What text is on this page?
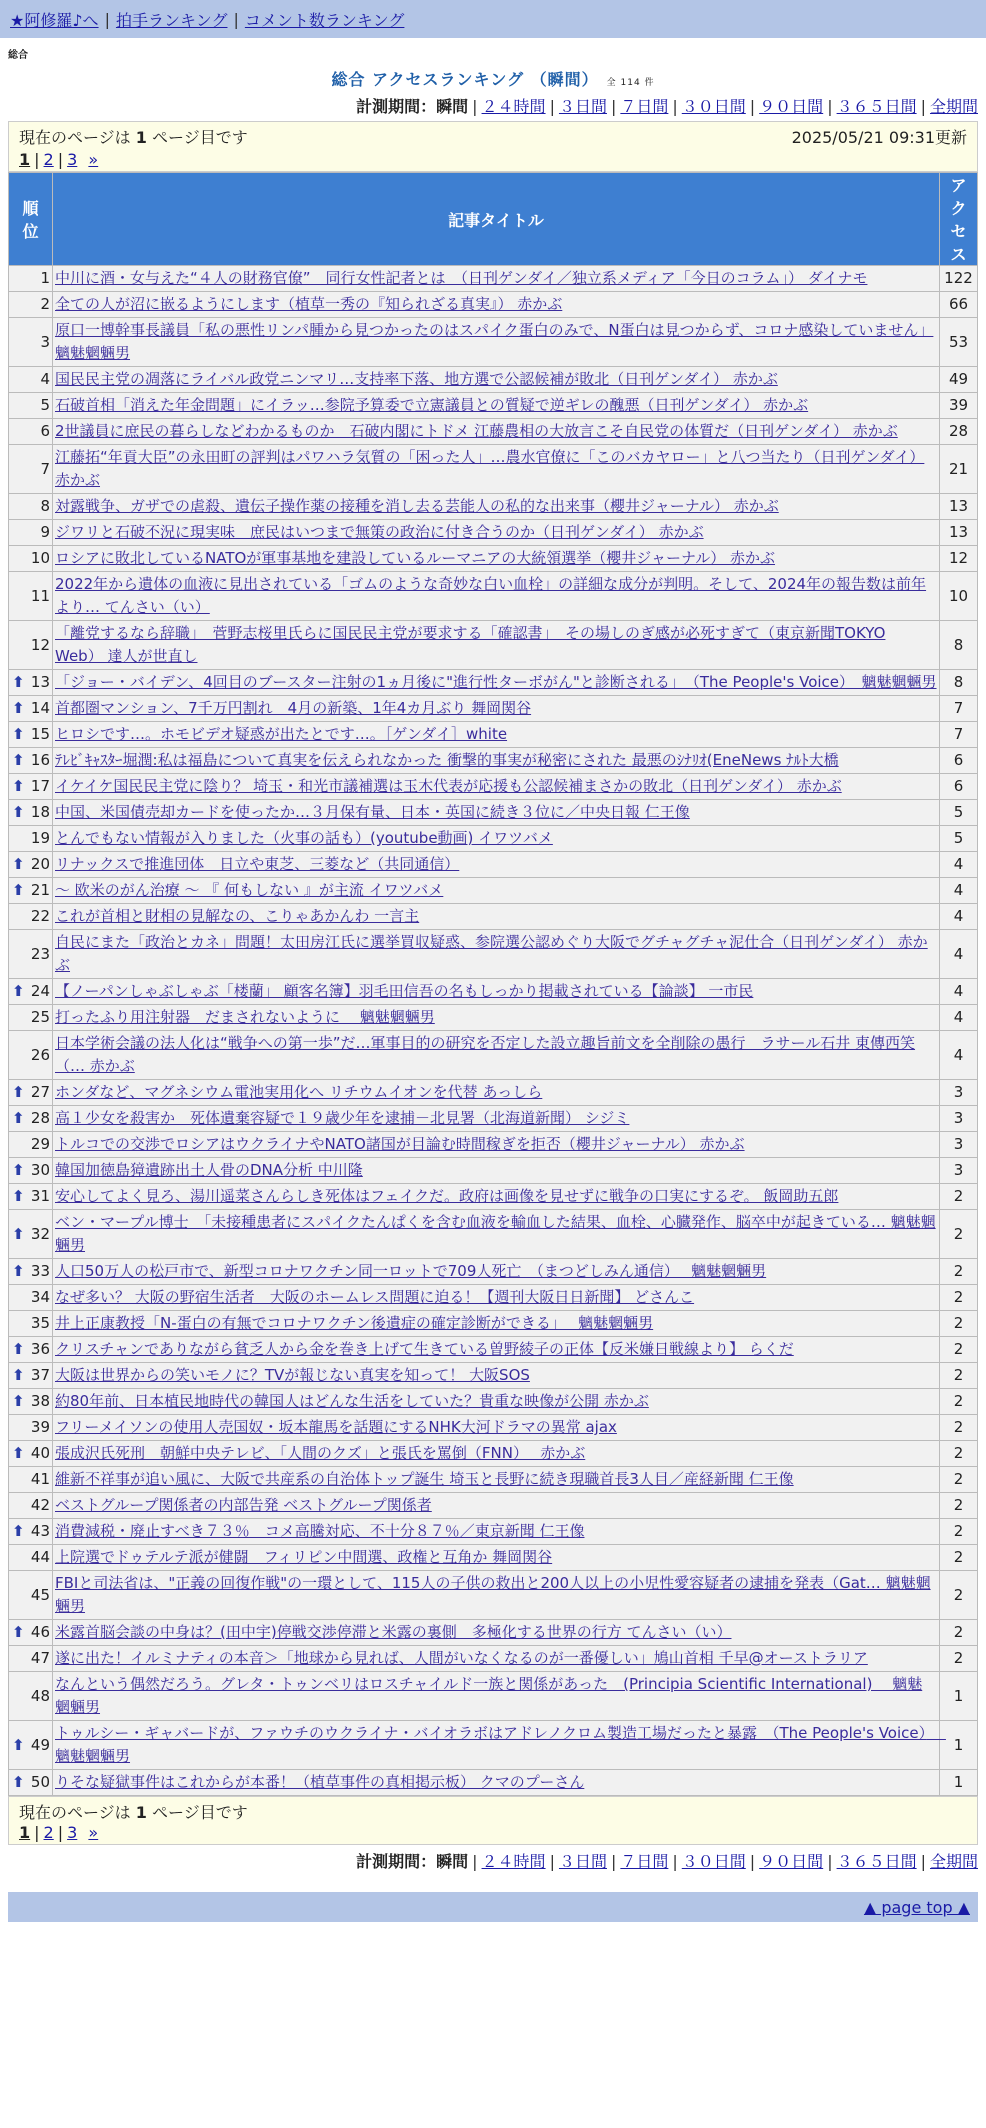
★阿修羅♪へ | 拍手ランキング | コメント数ランキング
総合
総合 アクセスランキング （瞬間） 全 114 件
計測期間：瞬間 | ２４時間 | ３日間 | ７日間 | ３０日間 | ９０日間 | ３６５日間 | 全期間
現在のページは 1 ページ目です	2025/05/21 09:31更新
1 | 2 | 3 »
順位	記事タイトル	アクセス
1	中川に酒・女与えた“４人の財務官僚”　同行女性記者とは　（日刊ゲンダイ／独立系メディア「今日のコラム」） ダイナモ	122
2	全ての人が沼に嵌るようにします（植草一秀の『知られざる真実』） 赤かぶ	66
3	原口一博幹事長議員「私の悪性リンパ腫から見つかったのはスパイク蛋白のみで、N蛋白は見つからず、コロナ感染していません」 魑魅魍魎男	53
4	国民民主党の凋落にライバル政党ニンマリ…支持率下落、地方選で公認候補が敗北（日刊ゲンダイ） 赤かぶ	49
5	石破首相「消えた年金問題」にイラッ…参院予算委で立憲議員との質疑で逆ギレの醜悪（日刊ゲンダイ） 赤かぶ	39
6	2世議員に庶民の暮らしなどわかるものか　石破内閣にトドメ 江藤農相の大放言こそ自民党の体質だ（日刊ゲンダイ） 赤かぶ	28
7	江藤拓“年貢大臣”の永田町の評判はパワハラ気質の「困った人」…農水官僚に「このバカヤロー」と八つ当たり（日刊ゲンダイ） 赤かぶ	21
8	対露戦争、ガザでの虐殺、遺伝子操作薬の接種を消し去る芸能人の私的な出来事（櫻井ジャーナル） 赤かぶ	13
9	ジワリと石破不況に現実味　庶民はいつまで無策の政治に付き合うのか（日刊ゲンダイ） 赤かぶ	13
10	ロシアに敗北しているNATOが軍事基地を建設しているルーマニアの大統領選挙（櫻井ジャーナル） 赤かぶ	12
11	2022年から遺体の血液に見出されている「ゴムのような奇妙な白い血栓」の詳細な成分が判明。そして、2024年の報告数は前年より… てんさい（い）	10
12	「離党するなら辞職」　菅野志桜里氏らに国民民主党が要求する「確認書」　その場しのぎ感が必死すぎて（東京新聞TOKYO Web） 達人が世直し	8

⬆ 13	「ジョー・バイデン、4回目のブースター注射の1ヵ月後に"進行性ターボがん"と診断される」　（The People's Voice）　魑魅魍魎男	8

⬆ 14	首都圏マンション、7千万円割れ　4月の新築、1年4カ月ぶり 舞岡関谷	7

⬆ 15	ヒロシです…。ホモビデオ疑惑が出たとです…。［ゲンダイ］white	7

⬆ 16	ﾃﾚﾋﾞｷｬｽﾀｰ堀潤:私は福島について真実を伝えられなかった 衝撃的事実が秘密にされた 最悪のｼﾅﾘｵ(EneNews ﾅﾙﾄ大橋	6

⬆ 17	イケイケ国民民主党に陰り？ 埼玉・和光市議補選は玉木代表が応援も公認候補まさかの敗北（日刊ゲンダイ） 赤かぶ	6

⬆ 18	中国、米国債売却カードを使ったか…３月保有量、日本・英国に続き３位に／中央日報 仁王像	5
19	とんでもない情報が入りました（火事の話も）(youtube動画) イワツバメ	5

⬆ 20	リナックスで推進団体　日立や東芝、三菱など（共同通信）	4

⬆ 21	～ 欧米のがん治療 ～ 『 何もしない 』が主流 イワツバメ	4
22	これが首相と財相の見解なの、こりゃあかんわ 一言主	4
23	自民にまた「政治とカネ」問題！太田房江氏に選挙買収疑惑、参院選公認めぐり大阪でグチャグチャ泥仕合（日刊ゲンダイ） 赤かぶ	4

⬆ 24	【ノーパンしゃぶしゃぶ「楼蘭」 顧客名簿】羽毛田信吾の名もしっかり掲載されている【論談】 一市民	4
25	打ったふり用注射器　だまされないように　 魑魅魍魎男	4
26	日本学術会議の法人化は“戦争への第一歩”だ…軍事目的の研究を否定した設立趣旨前文を全削除の愚行　ラサール石井 東傳西笑（… 赤かぶ	4

⬆ 27	ホンダなど、マグネシウム電池実用化へ リチウムイオンを代替 あっしら	3

⬆ 28	高１少女を殺害か　死体遺棄容疑で１９歳少年を逮捕－北見署（北海道新聞） シジミ	3
29	トルコでの交渉でロシアはウクライナやNATO諸国が目論む時間稼ぎを拒否（櫻井ジャーナル） 赤かぶ	3

⬆ 30	韓国加徳島獐遺跡出土人骨のDNA分析 中川隆	3

⬆ 31	安心してよく見ろ、湯川遥菜さんらしき死体はフェイクだ。政府は画像を見せずに戦争の口実にするぞ。 飯岡助五郎	2

⬆ 32	ベン・マープル博士　「未接種患者にスパイクたんぱくを含む血液を輸血した結果、血栓、心臓発作、脳卒中が起きている… 魑魅魍魎男	2

⬆ 33	人口50万人の松戸市で、新型コロナワクチン同一ロットで709人死亡　（まつどしみん通信）　 魑魅魍魎男	2
34	なぜ多い？ 大阪の野宿生活者　大阪のホームレス問題に迫る！【週刊大阪日日新聞】 どさんこ	2
35	井上正康教授「N-蛋白の有無でコロナワクチン後遺症の確定診断ができる」　 魑魅魍魎男	2

⬆ 36	クリスチャンでありながら貧乏人から金を巻き上げて生きている曽野綾子の正体【反米嫌日戦線より】 らくだ	2

⬆ 37	大阪は世界からの笑いモノに？TVが報じない真実を知って！ 大阪SOS	2

⬆ 38	約80年前、日本植民地時代の韓国人はどんな生活をしていた？貴重な映像が公開 赤かぶ	2
39	フリーメイソンの使用人売国奴・坂本龍馬を話題にするNHK大河ドラマの異常 ajax	2

⬆ 40	張成沢氏死刑　朝鮮中央テレビ、「人間のクズ」と張氏を罵倒（FNN）　 赤かぶ	2
41	維新不祥事が追い風に、大阪で共産系の自治体トップ誕生 埼玉と長野に続き現職首長3人目／産経新聞 仁王像	2
42	ベストグループ関係者の内部告発 ベストグループ関係者	2

⬆ 43	消費減税・廃止すべき７３％　コメ高騰対応、不十分８７％／東京新聞 仁王像	2
44	上院選でドゥテルテ派が健闘　フィリピン中間選、政権と互角か 舞岡関谷	2
45	FBIと司法省は、"正義の回復作戦"の一環として、115人の子供の救出と200人以上の小児性愛容疑者の逮捕を発表（Gat… 魑魅魍魎男	2

⬆ 46	米露首脳会談の中身は？(田中宇)停戦交渉停滞と米露の裏側　多極化する世界の行方 てんさい（い）	2
47	遂に出た！イルミナティの本音＞「地球から見れば、人間がいなくなるのが一番優しい」鳩山首相 千早@オーストラリア	2
48	なんという偶然だろう。グレタ・トゥンベリはロスチャイルド一族と関係があった　(Principia Scientific International)　 魑魅魍魎男	1

⬆ 49	トゥルシー・ギャバードが、ファウチのウクライナ・バイオラボはアドレノクロム製造工場だったと暴露　（The People's Voice）　 魑魅魍魎男	1

⬆ 50	りそな疑獄事件はこれからが本番！（植草事件の真相掲示板） クマのプーさん	1
現在のページは 1 ページ目です
1 | 2 | 3 »
計測期間：瞬間 | ２４時間 | ３日間 | ７日間 | ３０日間 | ９０日間 | ３６５日間 | 全期間
▲ page top ▲
